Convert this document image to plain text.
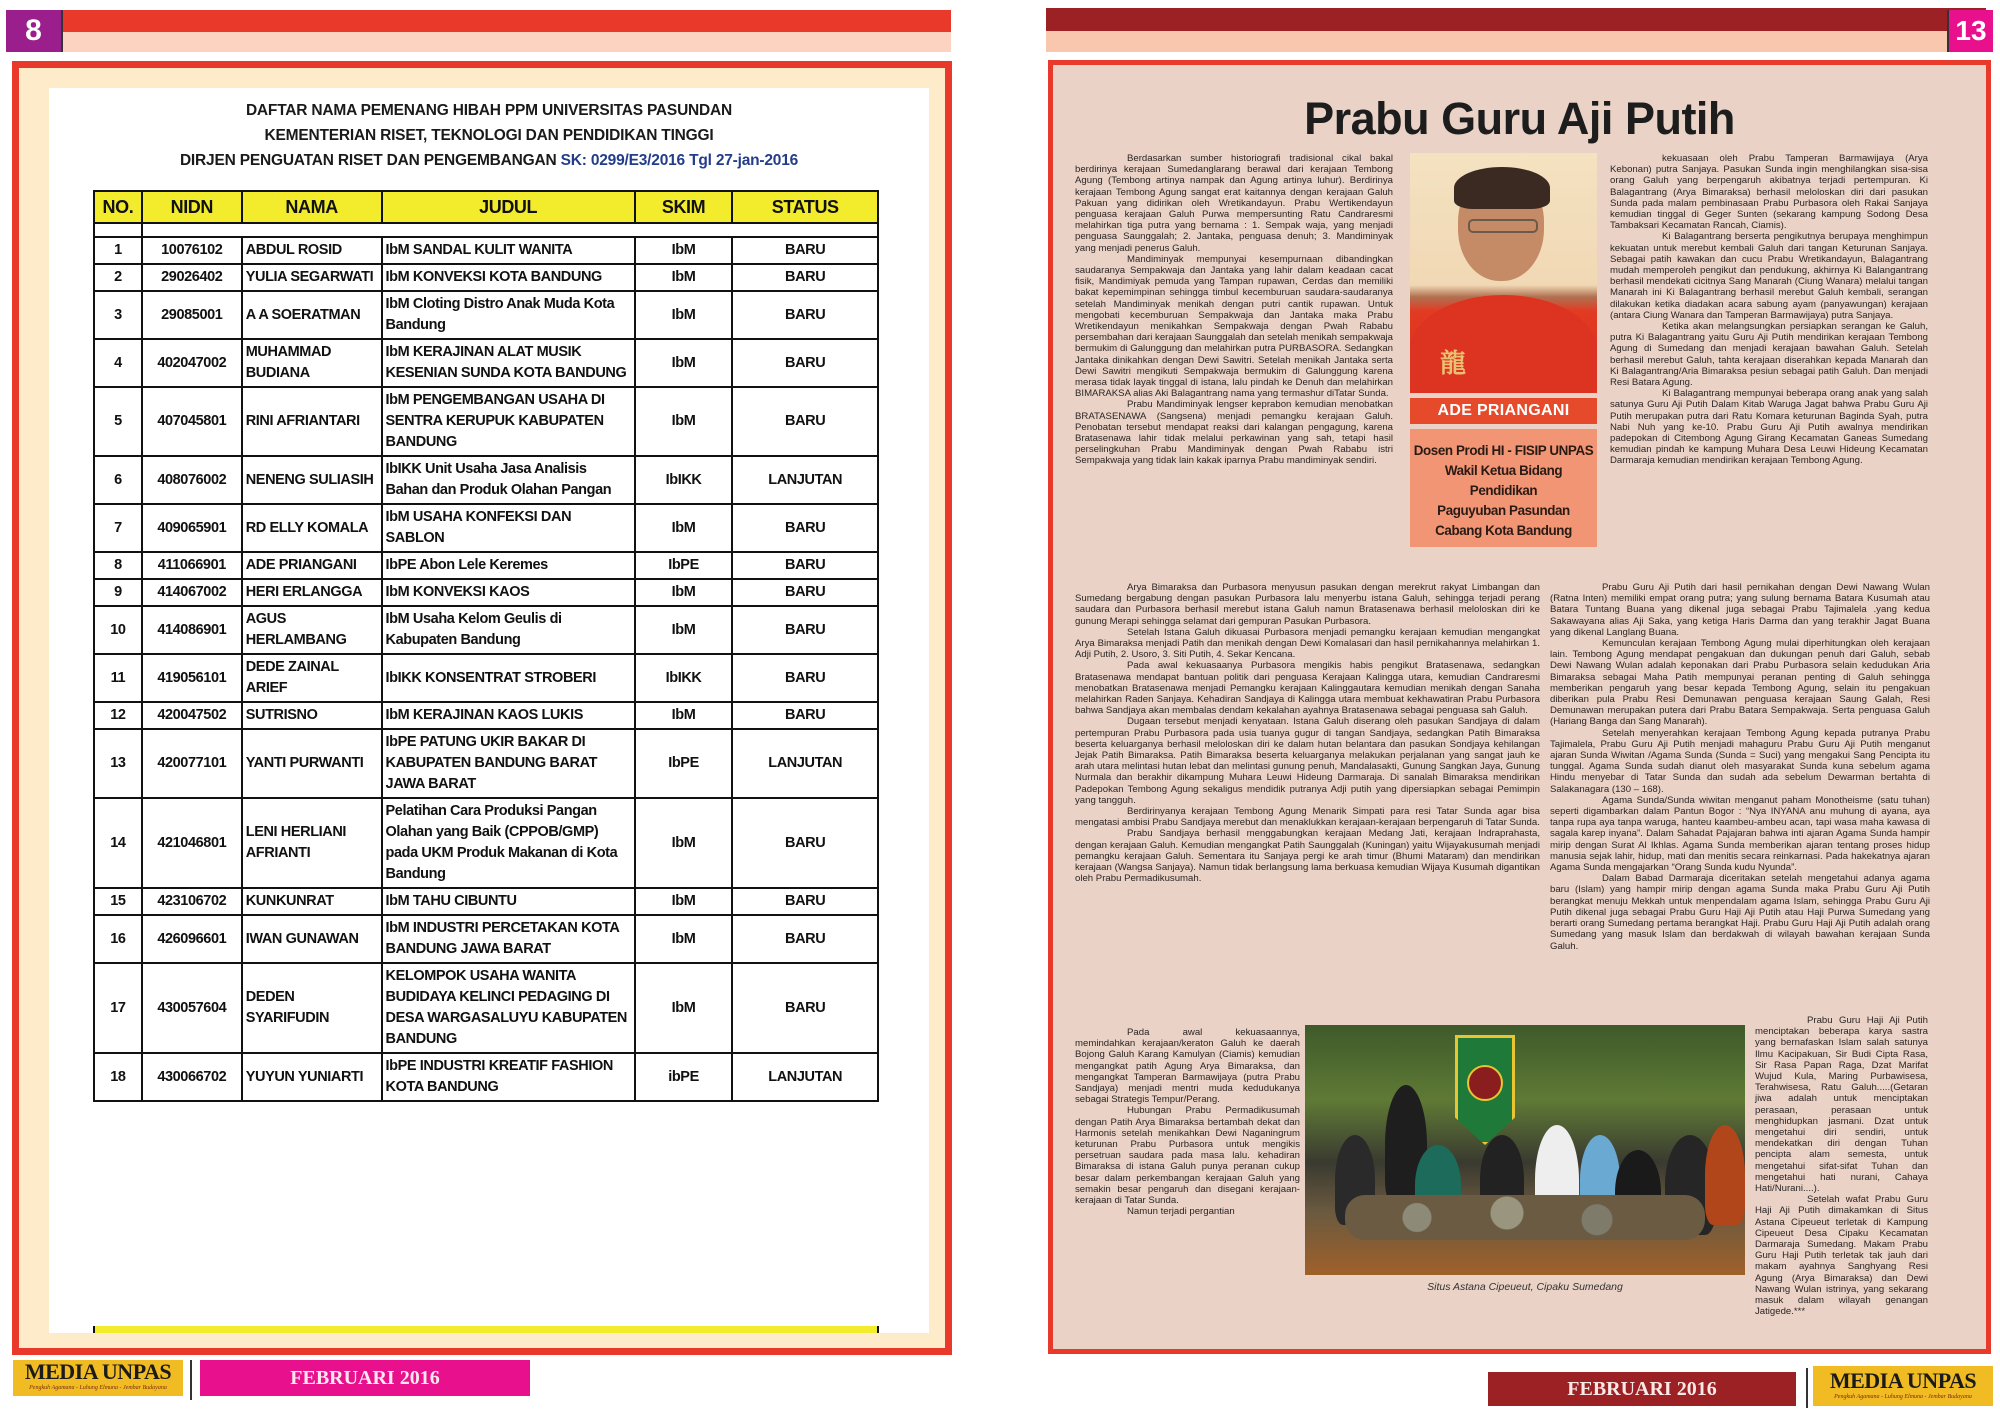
8
DAFTAR NAMA PEMENANG HIBAH PPM UNIVERSITAS PASUNDAN
KEMENTERIAN RISET, TEKNOLOGI DAN PENDIDIKAN TINGGI
DIRJEN PENGUATAN RISET DAN PENGEMBANGAN SK: 0299/E3/2016 Tgl 27-jan-2016
NO.	NIDN	NAMA	JUDUL	SKIM	STATUS

1	10076102	ABDUL ROSID	IbM SANDAL KULIT WANITA	IbM	BARU
2	29026402	YULIA SEGARWATI	IbM KONVEKSI KOTA BANDUNG	IbM	BARU
3	29085001	A A SOERATMAN	IbM Cloting Distro Anak Muda Kota Bandung	IbM	BARU
4	402047002	MUHAMMAD BUDIANA	IbM KERAJINAN ALAT MUSIK KESENIAN SUNDA KOTA BANDUNG	IbM	BARU
5	407045801	RINI AFRIANTARI	IbM PENGEMBANGAN USAHA DI SENTRA KERUPUK KABUPATEN BANDUNG	IbM	BARU
6	408076002	NENENG SULIASIH	IbIKK Unit Usaha Jasa Analisis Bahan dan Produk Olahan Pangan	IbIKK	LANJUTAN
7	409065901	RD ELLY KOMALA	IbM USAHA KONFEKSI DAN SABLON	IbM	BARU
8	411066901	ADE PRIANGANI	IbPE Abon Lele Keremes	IbPE	BARU
9	414067002	HERI ERLANGGA	IbM KONVEKSI KAOS	IbM	BARU
10	414086901	AGUS HERLAMBANG	IbM Usaha Kelom Geulis di Kabupaten Bandung	IbM	BARU
11	419056101	DEDE ZAINAL ARIEF	IbIKK KONSENTRAT STROBERI	IbIKK	BARU
12	420047502	SUTRISNO	IbM KERAJINAN KAOS LUKIS	IbM	BARU
13	420077101	YANTI PURWANTI	IbPE PATUNG UKIR BAKAR DI KABUPATEN BANDUNG BARAT JAWA BARAT	IbPE	LANJUTAN
14	421046801	LENI HERLIANI AFRIANTI	Pelatihan Cara Produksi Pangan Olahan yang Baik (CPPOB/GMP) pada UKM Produk Makanan di Kota Bandung	IbM	BARU
15	423106702	KUNKUNRAT	IbM TAHU CIBUNTU	IbM	BARU
16	426096601	IWAN GUNAWAN	IbM INDUSTRI PERCETAKAN KOTA BANDUNG JAWA BARAT	IbM	BARU
17	430057604	DEDEN SYARIFUDIN	KELOMPOK USAHA WANITA BUDIDAYA KELINCI PEDAGING DI DESA WARGASALUYU KABUPATEN BANDUNG	IbM	BARU
18	430066702	YUYUN YUNIARTI	IbPE INDUSTRI KREATIF FASHION KOTA BANDUNG	ibPE	LANJUTAN
MEDIA UNPAS
Pengkuh Agamana - Luhung Elmuna - Jembar Budayana	FEBRUARI 2016
13
Prabu Guru Aji Putih

Berdasarkan sumber historiografi tradisional cikal bakal berdirinya kerajaan Sumedanglarang berawal dari kerajaan Tembong Agung (Tembong artinya nampak dan Agung artinya luhur). Berdirinya kerajaan Tembong Agung sangat erat kaitannya dengan kerajaan Galuh Pakuan yang didirikan oleh Wretikandayun. Prabu Wertikendayun penguasa kerajaan Galuh Purwa mempersunting Ratu Candraresmi melahirkan tiga putra yang bernama : 1. Sempak waja, yang menjadi penguasa Saunggalah; 2. Jantaka, penguasa denuh; 3. Mandiminyak yang menjadi penerus Galuh.

Mandiminyak mempunyai kesempurnaan dibandingkan saudaranya Sempakwaja dan Jantaka yang lahir dalam keadaan cacat fisik, Mandimiyak pemuda yang Tampan rupawan, Cerdas dan memiliki bakat kepemimpinan sehingga timbul kecemburuan saudara-saudaranya setelah Mandiminyak menikah dengan putri cantik rupawan. Untuk mengobati kecemburuan Sempakwaja dan Jantaka maka Prabu Wretikendayun menikahkan Sempakwaja dengan Pwah Rababu persembahan dari kerajaan Saunggalah dan setelah menikah sempakwaja bermukim di Galunggung dan melahirkan putra PURBASORA. Sedangkan Jantaka dinikahkan dengan Dewi Sawitri. Setelah menikah Jantaka serta Dewi Sawitri mengikuti Sempakwaja bermukim di Galunggung karena merasa tidak layak tinggal di istana, lalu pindah ke Denuh dan melahirkan BIMARAKSA alias Aki Balagantrang nama yang termashur diTatar Sunda.

Prabu Mandiminyak lengser keprabon kemudian menobatkan BRATASENAWA (Sangsena) menjadi pemangku kerajaan Galuh. Penobatan tersebut mendapat reaksi dari kalangan pengagung, karena Bratasenawa lahir tidak melalui perkawinan yang sah, tetapi hasil perselingkuhan Prabu Mandiminyak dengan Pwah Rababu istri Sempakwaja yang tidak lain kakak iparnya Prabu mandiminyak sendiri.

Arya Bimaraksa dan Purbasora menyusun pasukan dengan merekrut rakyat Limbangan dan Sumedang bergabung dengan pasukan Purbasora lalu menyerbu istana Galuh, sehingga terjadi perang saudara dan Purbasora berhasil merebut istana Galuh namun Bratasenawa berhasil meloloskan diri ke gunung Merapi sehingga selamat dari gempuran Pasukan Purbasora.

Setelah Istana Galuh dikuasai Purbasora menjadi pemangku kerajaan kemudian mengangkat Arya Bimaraksa menjadi Patih dan menikah dengan Dewi Komalasari dan hasil pernikahannya melahirkan 1. Adji Putih, 2. Usoro, 3. Siti Putih, 4. Sekar Kencana.

Pada awal kekuasaanya Purbasora mengikis habis pengikut Bratasenawa, sedangkan Bratasenawa mendapat bantuan politik dari penguasa Kerajaan Kalingga utara, kemudian Candraresmi menobatkan Bratasenawa menjadi Pemangku kerajaan Kalinggautara kemudian menikah dengan Sanaha melahirkan Raden Sanjaya. Kehadiran Sandjaya di Kalingga utara membuat kekhawatiran Prabu Purbasora bahwa Sandjaya akan membalas dendam kekalahan ayahnya Bratasenawa sebagai penguasa sah Galuh.

Dugaan tersebut menjadi kenyataan. Istana Galuh diserang oleh pasukan Sandjaya di dalam pertempuran Prabu Purbasora pada usia tuanya gugur di tangan Sandjaya, sedangkan Patih Bimaraksa beserta keluarganya berhasil meloloskan diri ke dalam hutan belantara dan pasukan Sondjaya kehilangan Jejak Patih Bimaraksa. Patih Bimaraksa beserta keluarganya melakukan perjalanan yang sangat jauh ke arah utara melintasi hutan lebat dan melintasi gunung penuh, Mandalasakti, Gunung Sangkan Jaya, Gunung Nurmala dan berakhir dikampung Muhara Leuwi Hideung Darmaraja. Di sanalah Bimaraksa mendirikan Padepokan Tembong Agung sekaligus mendidik putranya Adji putih yang dipersiapkan sebagai Pemimpin yang tangguh.

Berdirinyanya kerajaan Tembong Agung Menarik Simpati para resi Tatar Sunda agar bisa mengatasi ambisi Prabu Sandjaya merebut dan menaklukkan kerajaan-kerajaan berpengaruh di Tatar Sunda.

Prabu Sandjaya berhasil menggabungkan kerajaan Medang Jati, kerajaan Indraprahasta, dengan kerajaan Galuh. Kemudian mengangkat Patih Saunggalah (Kuningan) yaitu Wijayakusumah menjadi pemangku kerajaan Galuh. Sementara itu Sanjaya pergi ke arah timur (Bhumi Mataram) dan mendirikan kerajaan (Wangsa Sanjaya). Namun tidak berlangsung lama berkuasa kemudian Wijaya Kusumah digantikan oleh Prabu Permadikusumah.

Pada awal kekuasaannya, memindahkan kerajaan/keraton Galuh ke daerah Bojong Galuh Karang Kamulyan (Ciamis) kemudian mengangkat patih Agung Arya Bimaraksa, dan mengangkat Tamperan Barmawijaya (putra Prabu Sandjaya) menjadi mentri muda kedudukanya sebagai Strategis Tempur/Perang.

Hubungan Prabu Permadikusumah dengan Patih Arya Bimaraksa bertambah dekat dan Harmonis setelah menikahkan Dewi Naganingrum keturunan Prabu Purbasora untuk mengikis persetruan saudara pada masa lalu. kehadiran Bimaraksa di istana Galuh punya peranan cukup besar dalam perkembangan kerajaan Galuh yang semakin besar pengaruh dan disegani kerajaan-kerajaan di Tatar Sunda.

Namun terjadi pergantian

kekuasaan oleh Prabu Tamperan Barmawijaya (Arya Kebonan) putra Sanjaya. Pasukan Sunda ingin menghilangkan sisa-sisa orang Galuh yang berpengaruh akibatnya terjadi pertempuran. Ki Balagantrang (Arya Bimaraksa) berhasil meloloskan diri dari pasukan Sunda pada malam pembinasaan Prabu Purbasora oleh Rakai Sanjaya kemudian tinggal di Geger Sunten (sekarang kampung Sodong Desa Tambaksari Kecamatan Rancah, Ciamis).

Ki Balagantrang berserta pengikutnya berupaya menghimpun kekuatan untuk merebut kembali Galuh dari tangan Keturunan Sanjaya. Sebagai patih kawakan dan cucu Prabu Wretikandayun, Balagantrang mudah memperoleh pengikut dan pendukung, akhirnya Ki Balangantrang berhasil mendekati cicitnya Sang Manarah (Ciung Wanara) melalui tangan Manarah ini Ki Balagantrang berhasil merebut Galuh kembali, serangan dilakukan ketika diadakan acara sabung ayam (panyawungan) kerajaan (antara Ciung Wanara dan Tamperan Barmawijaya) putra Sanjaya.

Ketika akan melangsungkan persiapkan serangan ke Galuh, putra Ki Balagantrang yaitu Guru Aji Putih mendirikan kerajaan Tembong Agung di Sumedang dan menjadi kerajaan bawahan Galuh. Setelah berhasil merebut Galuh, tahta kerajaan diserahkan kepada Manarah dan Ki Balagantrang/Aria Bimaraksa pesiun sebagai patih Galuh. Dan menjadi Resi Batara Agung.

Ki Balagantrang mempunyai beberapa orang anak yang salah satunya Guru Aji Putih Dalam Kitab Waruga Jagat bahwa Prabu Guru Aji Putih merupakan putra dari Ratu Komara keturunan Baginda Syah, putra Nabi Nuh yang ke-10. Prabu Guru Aji Putih awalnya mendirikan padepokan di Citembong Agung Girang Kecamatan Ganeas Sumedang kemudian pindah ke kampung Muhara Desa Leuwi Hideung Kecamatan Darmaraja kemudian mendirikan kerajaan Tembong Agung.

Prabu Guru Aji Putih dari hasil pernikahan dengan Dewi Nawang Wulan (Ratna Inten) memiliki empat orang putra; yang sulung bernama Batara Kusumah atau Batara Tuntang Buana yang dikenal juga sebagai Prabu Tajimalela .yang kedua Sakawayana alias Aji Saka, yang ketiga Haris Darma dan yang terakhir Jagat Buana yang dikenal Langlang Buana.

Kemunculan kerajaan Tembong Agung mulai diperhitungkan oleh kerajaan lain. Tembong Agung mendapat pengakuan dan dukungan penuh dari Galuh, sebab Dewi Nawang Wulan adalah keponakan dari Prabu Purbasora selain kedudukan Aria Bimaraksa sebagai Maha Patih mempunyai peranan penting di Galuh sehingga memberikan pengaruh yang besar kepada Tembong Agung, selain itu pengakuan diberikan pula Prabu Resi Demunawan penguasa kerajaan Saung Galah, Resi Demunawan merupakan putera dari Prabu Batara Sempakwaja. Serta penguasa Galuh (Hariang Banga dan Sang Manarah).

Setelah menyerahkan kerajaan Tembong Agung kepada putranya Prabu Tajimalela, Prabu Guru Aji Putih menjadi mahaguru Prabu Guru Aji Putih menganut ajaran Sunda Wiwitan /Agama Sunda (Sunda = Suci) yang mengakui Sang Pencipta itu tunggal. Agama Sunda sudah dianut oleh masyarakat Sunda kuna sebelum agama Hindu menyebar di Tatar Sunda dan sudah ada sebelum Dewarman bertahta di Salakanagara (130 – 168).

Agama Sunda/Sunda wiwitan menganut paham Monotheisme (satu tuhan) seperti digambarkan dalam Pantun Bogor : “Nya INYANA anu muhung di ayana, aya tanpa rupa aya tanpa waruga, hanteu kaambeu-ambeu acan, tapi wasa maha kawasa di sagala karep inyana”. Dalam Sahadat Pajajaran bahwa inti ajaran Agama Sunda hampir mirip dengan Surat Al Ikhlas. Agama Sunda memberikan ajaran tentang proses hidup manusia sejak lahir, hidup, mati dan menitis secara reinkarnasi. Pada hakekatnya ajaran Agama Sunda mengajarkan “Orang Sunda kudu Nyunda”.

Dalam Babad Darmaraja diceritakan setelah mengetahui adanya agama baru (Islam) yang hampir mirip dengan agama Sunda maka Prabu Guru Aji Putih berangkat menuju Mekkah untuk menpendalam agama Islam, sehingga Prabu Guru Aji Putih dikenal juga sebagai Prabu Guru Haji Aji Putih atau Haji Purwa Sumedang yang berarti orang Sumedang pertama berangkat Haji. Prabu Guru Haji Aji Putih adalah orang Sumedang yang masuk Islam dan berdakwah di wilayah bawahan kerajaan Sunda Galuh.

Prabu Guru Haji Aji Putih menciptakan beberapa karya sastra yang bernafaskan Islam salah satunya Ilmu Kacipakuan, Sir Budi Cipta Rasa, Sir Rasa Papan Raga, Dzat Marifat Wujud Kula, Maring Purbawisesa, Terahwisesa, Ratu Galuh.....(Getaran jiwa adalah untuk menciptakan perasaan, perasaan untuk menghidupkan jasmani. Dzat untuk mengetahui diri sendiri, untuk mendekatkan diri dengan Tuhan pencipta alam semesta, untuk mengetahui sifat-sifat Tuhan dan mengetahui hati nurani, Cahaya Hati/Nurani....).

Setelah wafat Prabu Guru Haji Aji Putih dimakamkan di Situs Astana Cipeueut terletak di Kampung Cipeueut Desa Cipaku Kecamatan Darmaraja Sumedang. Makam Prabu Guru Haji Putih terletak tak jauh dari makam ayahnya Sanghyang Resi Agung (Arya Bimaraksa) dan Dewi Nawang Wulan istrinya, yang sekarang masuk dalam wilayah genangan Jatigede.***

龍
ADE PRIANGANI
Dosen Prodi HI - FISIP UNPAS
Wakil Ketua Bidang Pendidikan
Paguyuban Pasundan
Cabang Kota Bandung
Situs Astana Cipeueut, Cipaku Sumedang
FEBRUARI 2016	MEDIA UNPAS
Pengkuh Agamana - Luhung Elmuna - Jembar Budayana
